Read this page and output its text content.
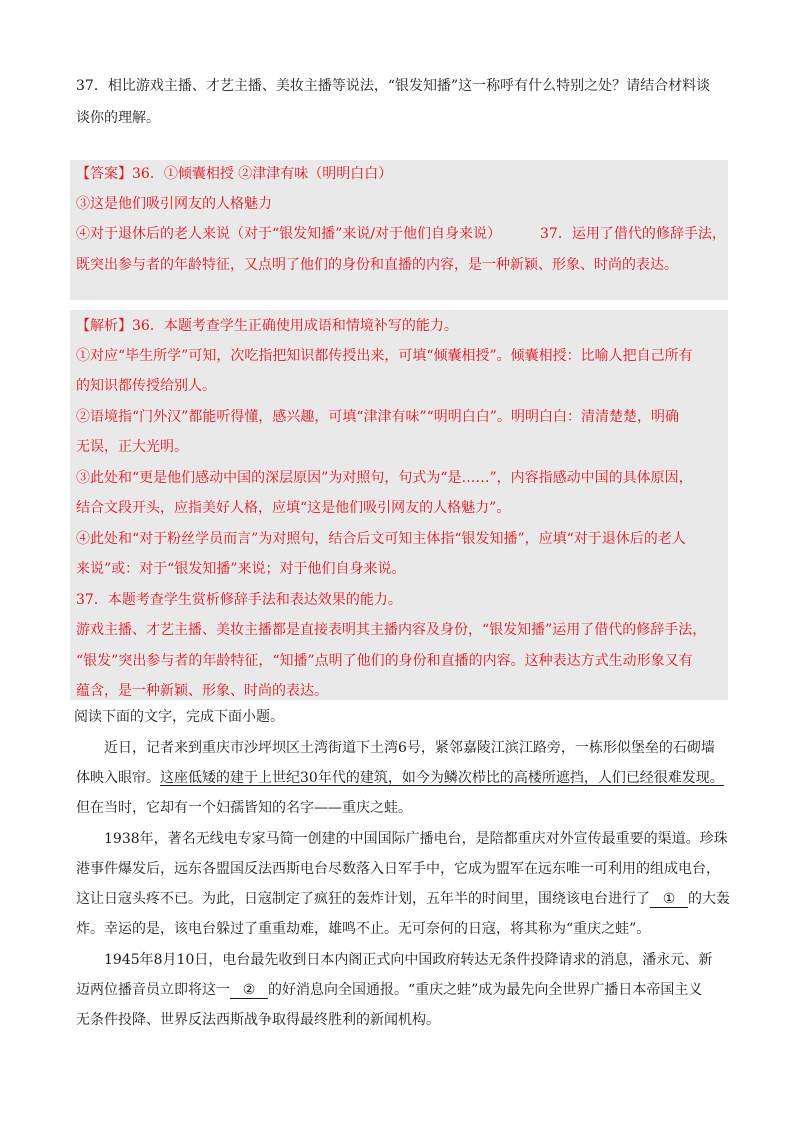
37．相比游戏主播、才艺主播、美妆主播等说法，“银发知播”这一称呼有什么特别之处？请结合材料谈
谈你的理解。
【答案】36．①倾囊相授 ②津津有味（明明白白）
③这是他们吸引网友的人格魅力
④对于退休后的老人来说（对于“银发知播”来说/对于他们自身来说）	37．运用了借代的修辞手法，
既突出参与者的年龄特征，又点明了他们的身份和直播的内容，是一种新颖、形象、时尚的表达。
【解析】36．本题考查学生正确使用成语和情境补写的能力。
①对应“毕生所学”可知，次吃指把知识都传授出来，可填“倾囊相授”。倾囊相授：比喻人把自己所有
的知识都传授给别人。
②语境指“门外汉”都能听得懂，感兴趣，可填“津津有味”“明明白白”。明明白白：清清楚楚，明确
无误，正大光明。
③此处和“更是他们感动中国的深层原因”为对照句，句式为“是……”，内容指感动中国的具体原因，
结合文段开头，应指美好人格，应填“这是他们吸引网友的人格魅力”。
④此处和“对于粉丝学员而言”为对照句，结合后文可知主体指“银发知播”，应填“对于退休后的老人
来说”或：对于“银发知播”来说；对于他们自身来说。
37．本题考查学生赏析修辞手法和表达效果的能力。
游戏主播、才艺主播、美妆主播都是直接表明其主播内容及身份，“银发知播”运用了借代的修辞手法，
“银发”突出参与者的年龄特征，“知播”点明了他们的身份和直播的内容。这种表达方式生动形象又有
蕴含，是一种新颖、形象、时尚的表达。
阅读下面的文字，完成下面小题。
近日，记者来到重庆市沙坪坝区土湾街道下土湾6号，紧邻嘉陵江滨江路旁，一栋形似堡垒的石砌墙
体映入眼帘。这座低矮的建于上世纪30年代的建筑，如今为鳞次栉比的高楼所遮挡，人们已经很难发现。
但在当时，它却有一个妇孺皆知的名字——重庆之蛙。
1938年，著名无线电专家马简一创建的中国国际广播电台，是陪都重庆对外宣传最重要的渠道。珍珠
港事件爆发后，远东各盟国反法西斯电台尽数落入日军手中，它成为盟军在远东唯一可利用的组成电台，
这让日寇头疼不已。为此，日寇制定了疯狂的轰炸计划，五年半的时间里，围绕该电台进行了 ① 的大轰
炸。幸运的是，该电台躲过了重重劫难，雄鸣不止。无可奈何的日寇，将其称为“重庆之蛙”。
1945年8月10日，电台最先收到日本内阁正式向中国政府转达无条件投降请求的消息，潘永元、新
迈两位播音员立即将这一 ② 的好消息向全国通报。“重庆之蛙”成为最先向全世界广播日本帝国主义
无条件投降、世界反法西斯战争取得最终胜利的新闻机构。
